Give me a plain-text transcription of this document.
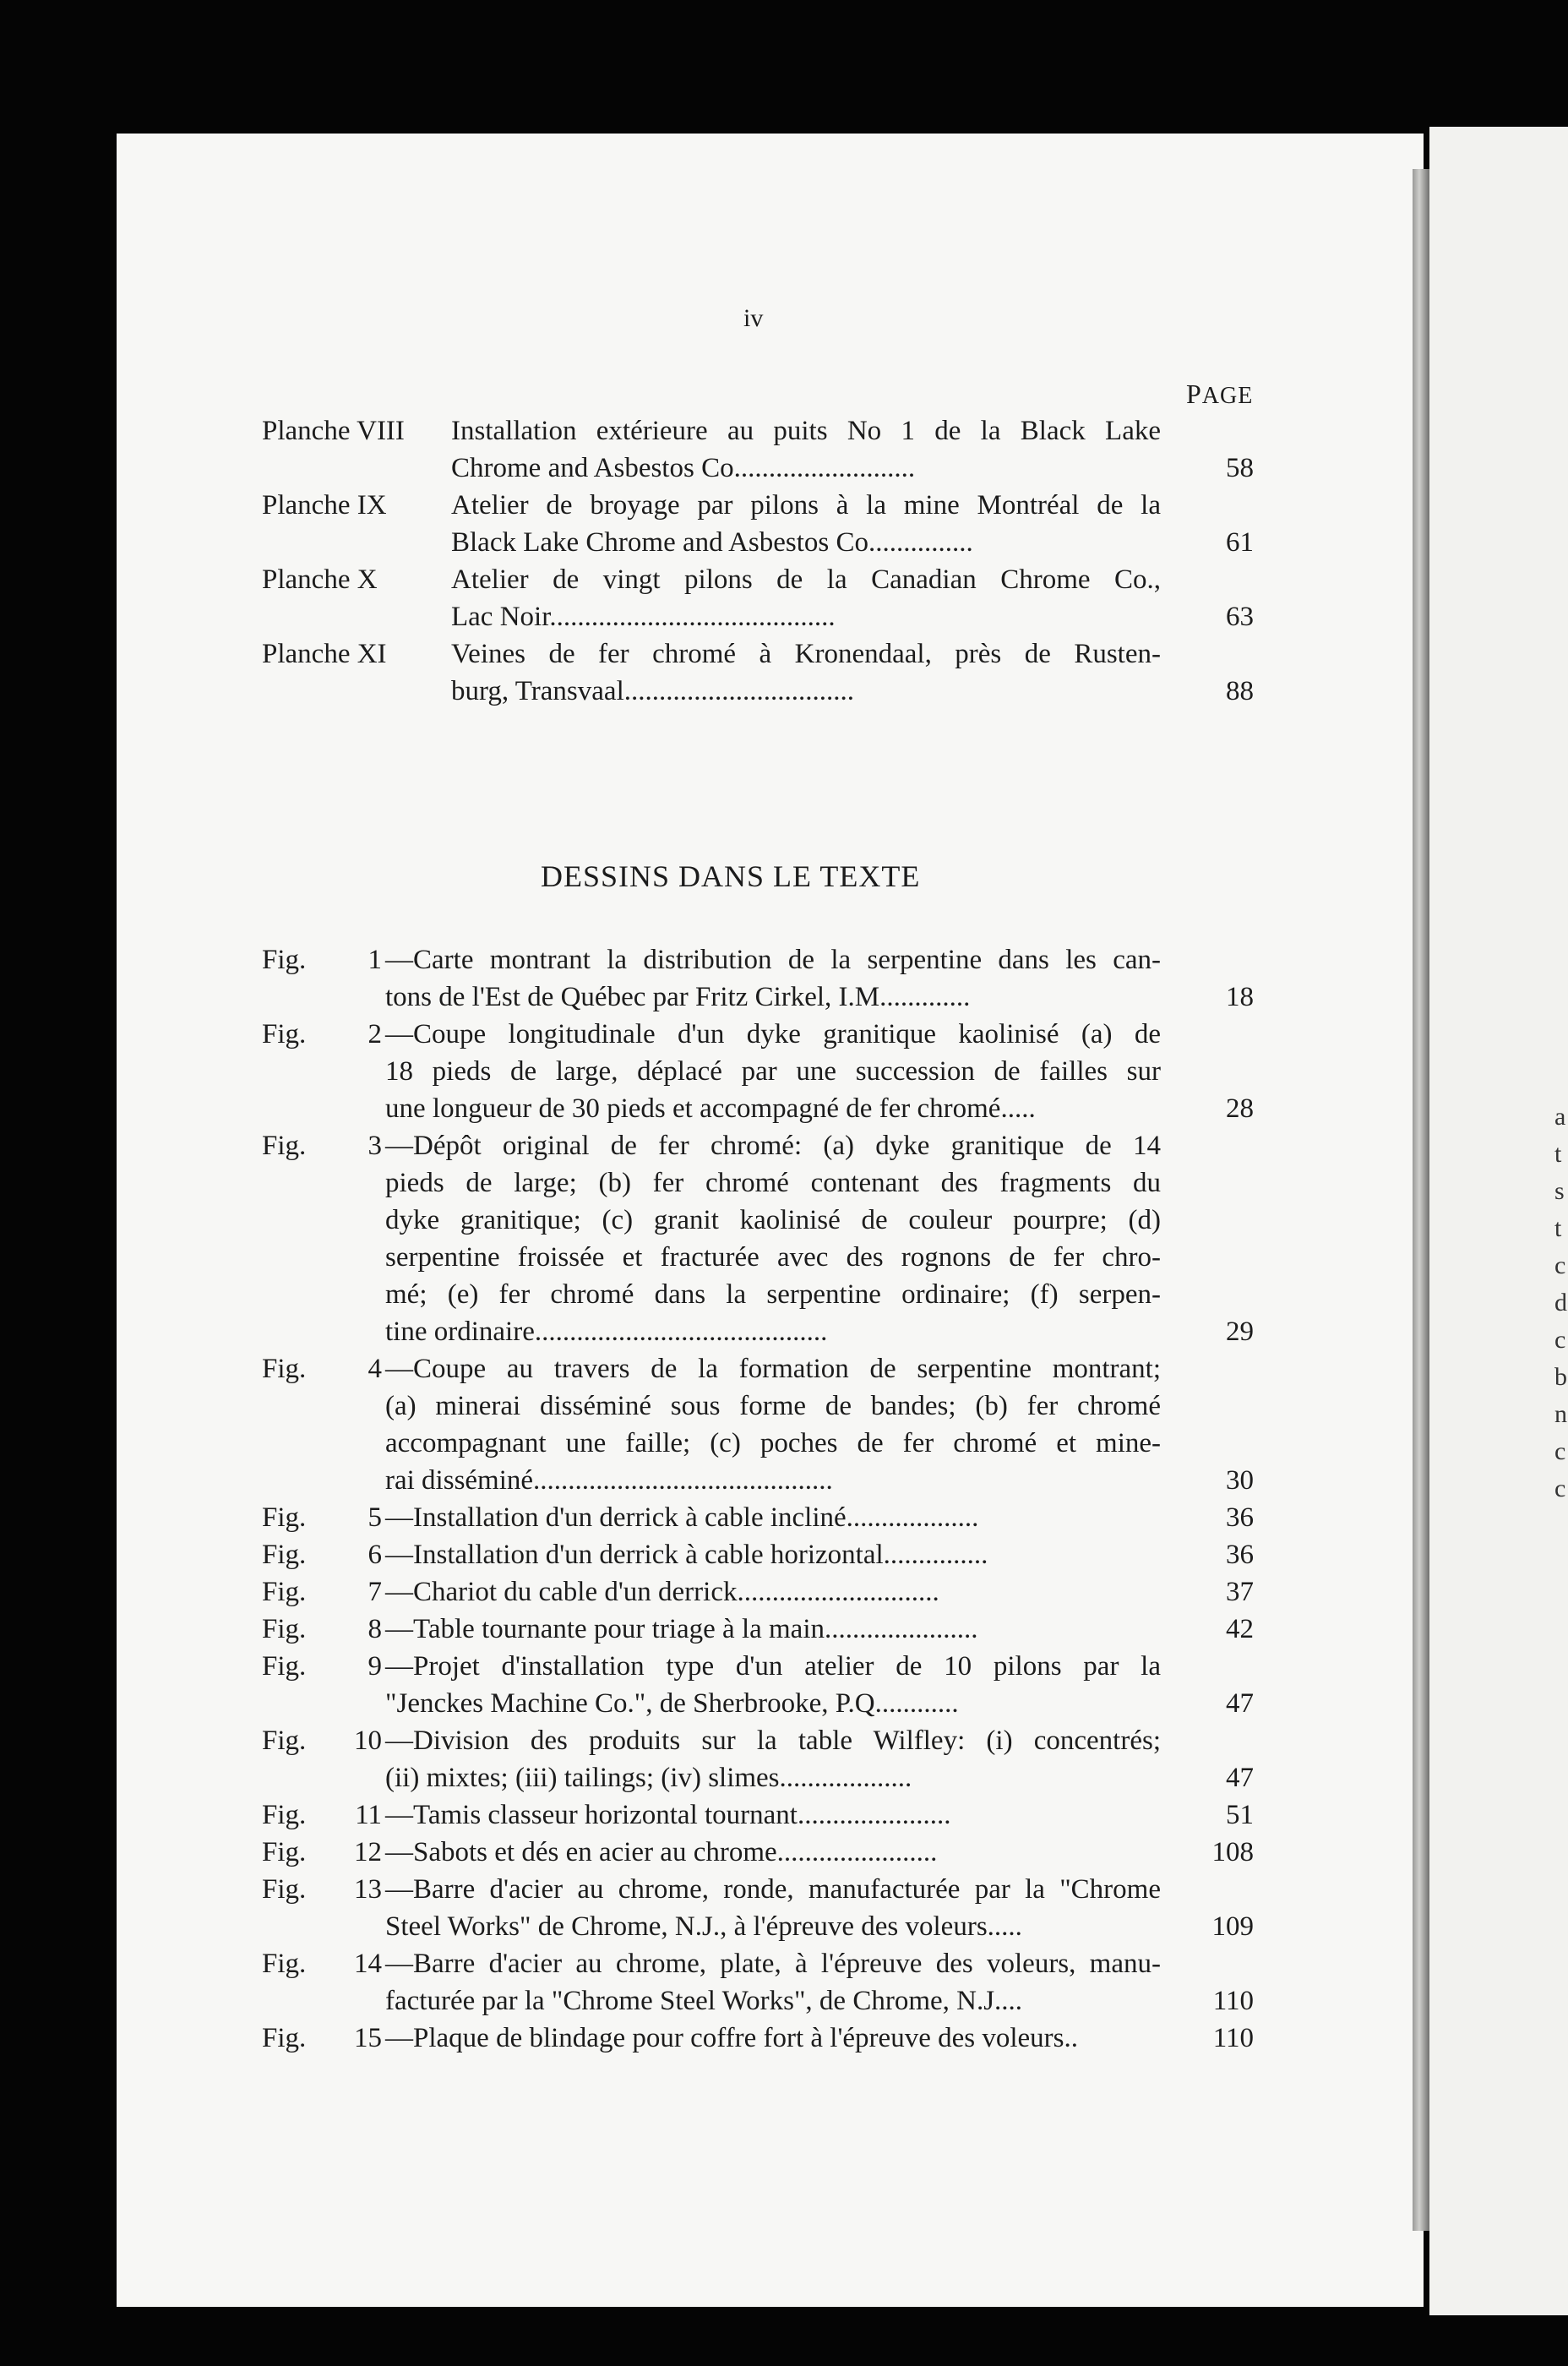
a
t
s
t
c
d
c
b
n
c
c
iv
PAGE
Planche VIII Installation extérieure au puits No 1 de la Black Lake
Chrome and Asbestos Co..........................	58
Planche IX Atelier de broyage par pilons à la mine Montréal de la
Black Lake Chrome and Asbestos Co...............	61
Planche X	Atelier de vingt pilons de la Canadian Chrome Co.,
Lac Noir.........................................	63
Planche XI Veines de fer chromé à Kronendaal, près de Rusten-
burg, Transvaal.................................	88
DESSINS DANS LE TEXTE
Fig.	1 —Carte montrant la distribution de la serpentine dans les can-
tons de l'Est de Québec par Fritz Cirkel, I.M.............	18
Fig.	2 —Coupe longitudinale d'un dyke granitique kaolinisé (a) de
18 pieds de large, déplacé par une succession de failles sur
une longueur de 30 pieds et accompagné de fer chromé.....	28
Fig.	3 —Dépôt original de fer chromé: (a) dyke granitique de 14
pieds de large; (b) fer chromé contenant des fragments du
dyke granitique; (c) granit kaolinisé de couleur pourpre; (d)
serpentine froissée et fracturée avec des rognons de fer chro-
mé; (e) fer chromé dans la serpentine ordinaire; (f) serpen-
tine ordinaire..........................................	29
Fig.	4 —Coupe au travers de la formation de serpentine montrant;
(a) minerai disséminé sous forme de bandes; (b) fer chromé
accompagnant une faille; (c) poches de fer chromé et mine-
rai disséminé...........................................	30
Fig.	5 —Installation d'un derrick à cable incliné...................	36
Fig.	6 —Installation d'un derrick à cable horizontal...............	36
Fig.	7 —Chariot du cable d'un derrick.............................	37
Fig.	8 —Table tournante pour triage à la main......................	42
Fig.	9 —Projet d'installation type d'un atelier de 10 pilons par la
"Jenckes Machine Co.", de Sherbrooke, P.Q............	47
Fig.	10 —Division des produits sur la table Wilfley: (i) concentrés;
(ii) mixtes; (iii) tailings; (iv) slimes...................	47
Fig.	11 —Tamis classeur horizontal tournant......................	51
Fig.	12 —Sabots et dés en acier au chrome.......................	108
Fig.	13 —Barre d'acier au chrome, ronde, manufacturée par la "Chrome
Steel Works" de Chrome, N.J., à l'épreuve des voleurs.....	109
Fig.	14 —Barre d'acier au chrome, plate, à l'épreuve des voleurs, manu-
facturée par la "Chrome Steel Works", de Chrome, N.J....	110
Fig.	15 —Plaque de blindage pour coffre fort à l'épreuve des voleurs..	110
